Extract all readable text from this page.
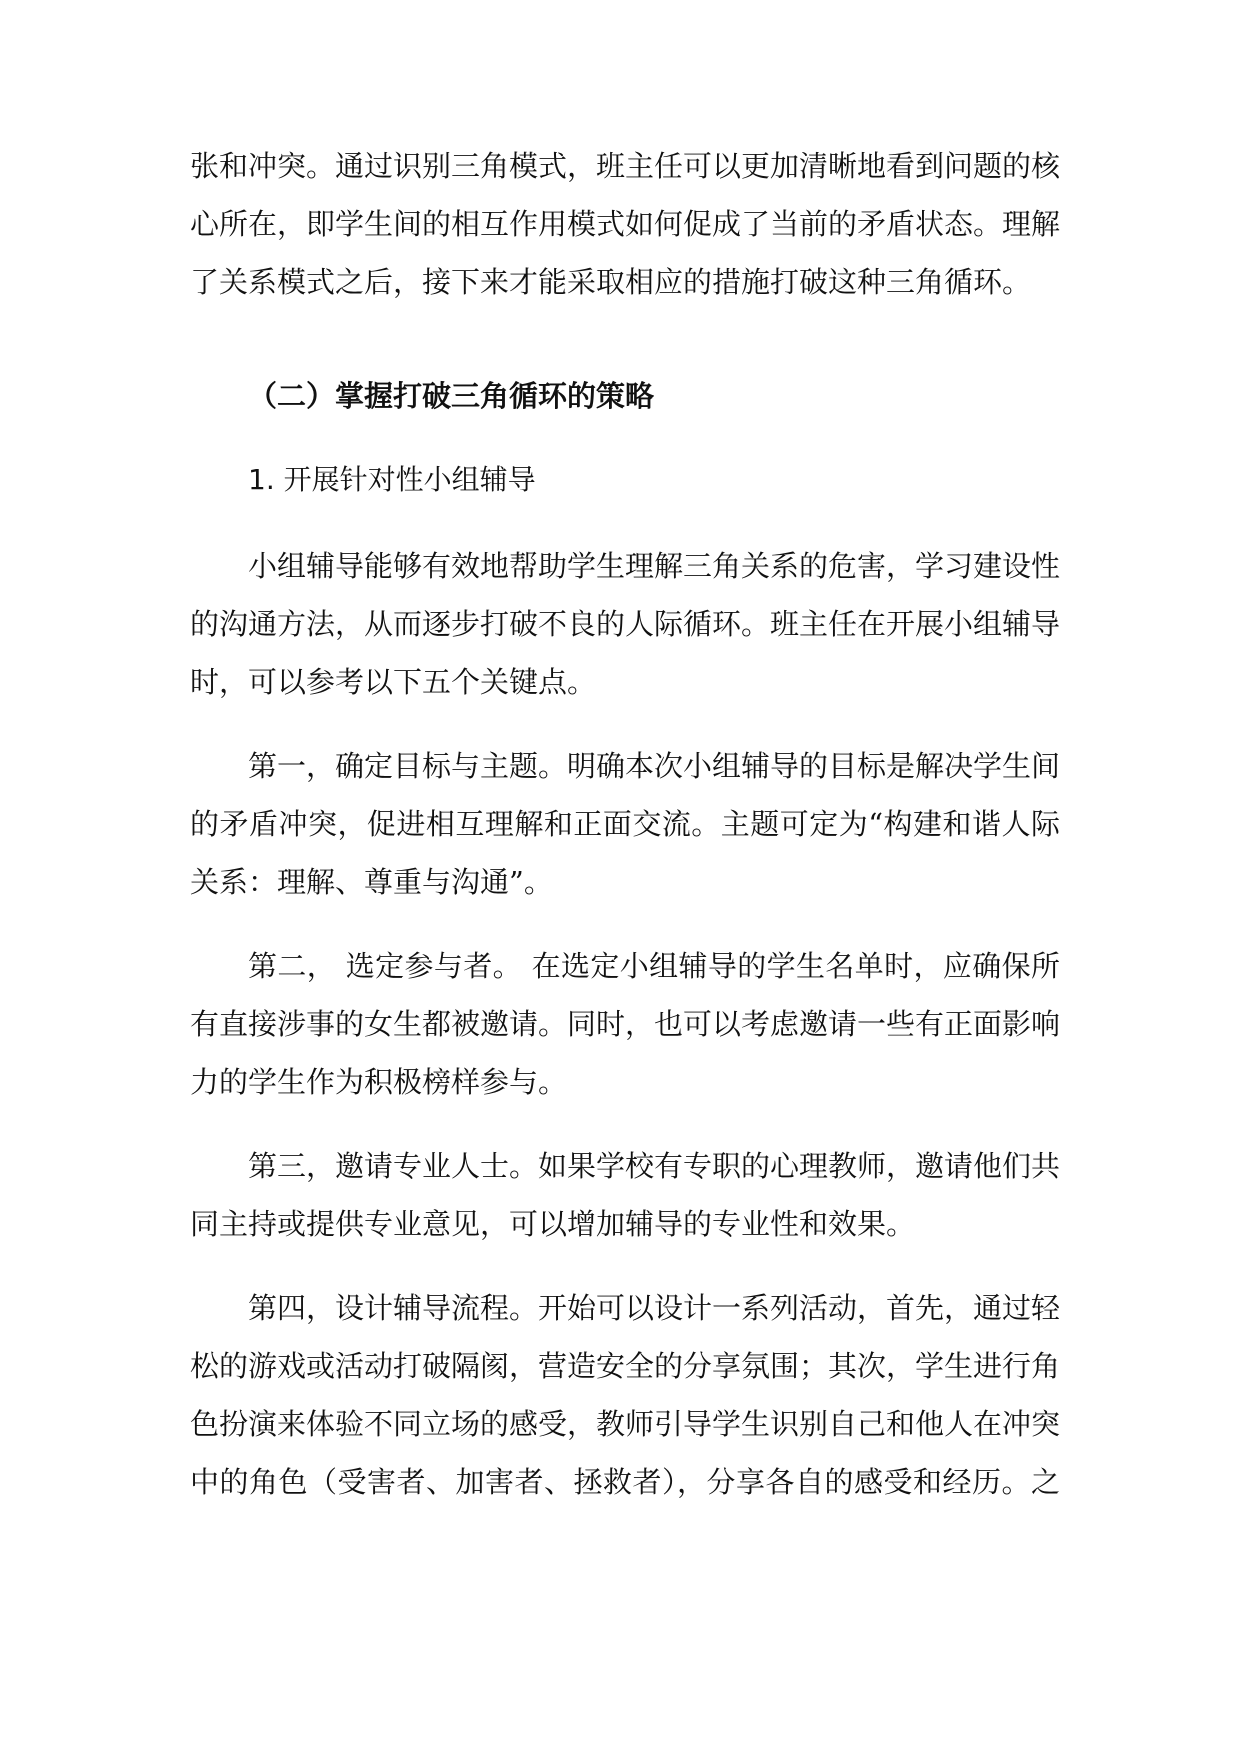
张和冲突。通过识别三角模式，班主任可以更加清晰地看到问题的核
心所在，即学生间的相互作用模式如何促成了当前的矛盾状态。理解
了关系模式之后，接下来才能采取相应的措施打破这种三角循环。
（二）掌握打破三角循环的策略
1. 开展针对性小组辅导
小组辅导能够有效地帮助学生理解三角关系的危害，学习建设性
的沟通方法，从而逐步打破不良的人际循环。班主任在开展小组辅导
时，可以参考以下五个关键点。
第一，确定目标与主题。明确本次小组辅导的目标是解决学生间
的矛盾冲突，促进相互理解和正面交流。主题可定为“构建和谐人际
关系：理解、尊重与沟通”。
第二， 选定参与者。 在选定小组辅导的学生名单时，应确保所
有直接涉事的女生都被邀请。同时，也可以考虑邀请一些有正面影响
力的学生作为积极榜样参与。
第三，邀请专业人士。如果学校有专职的心理教师，邀请他们共
同主持或提供专业意见，可以增加辅导的专业性和效果。
第四，设计辅导流程。开始可以设计一系列活动，首先，通过轻
松的游戏或活动打破隔阂，营造安全的分享氛围；其次，学生进行角
色扮演来体验不同立场的感受，教师引导学生识别自己和他人在冲突
中的角色（受害者、加害者、拯救者），分享各自的感受和经历。之
